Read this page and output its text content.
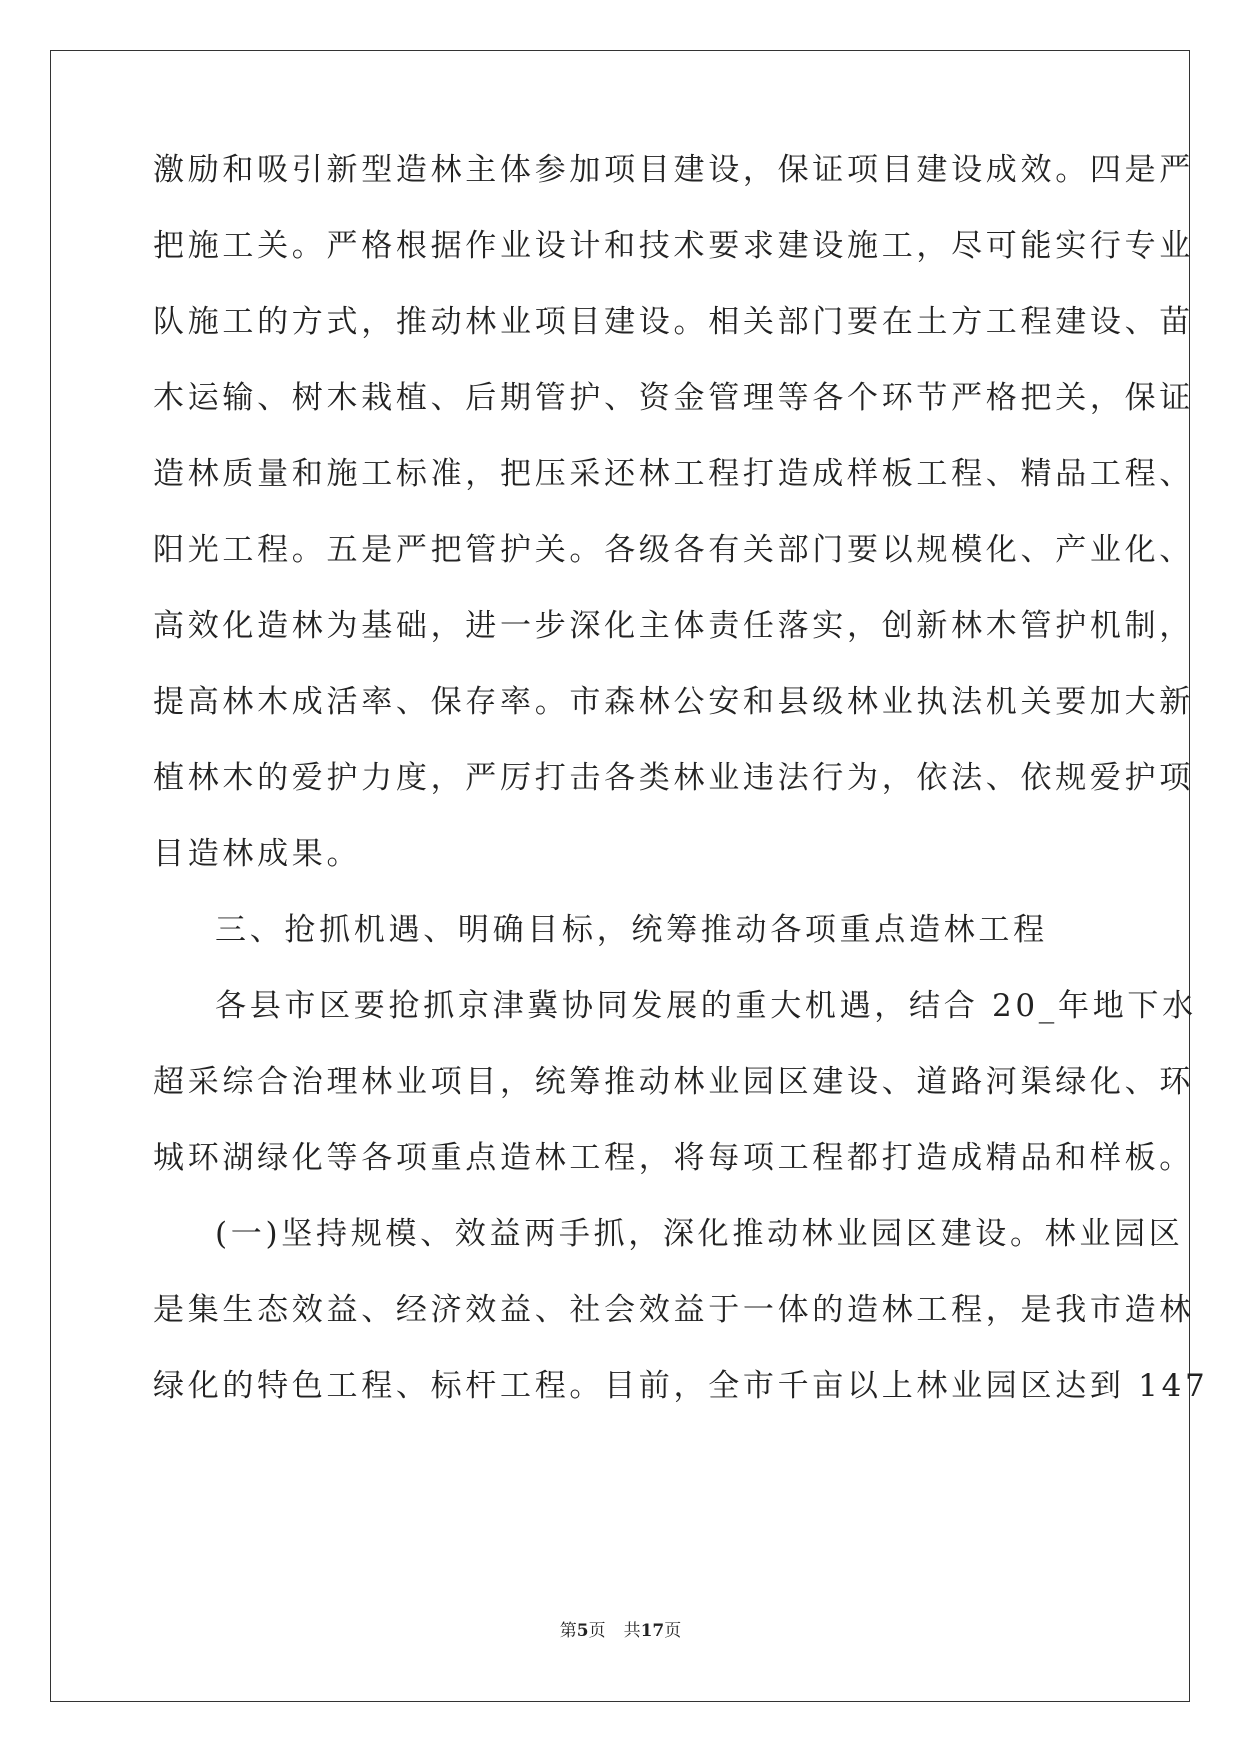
激励和吸引新型造林主体参加项目建设，保证项目建设成效。四是严
把施工关。严格根据作业设计和技术要求建设施工，尽可能实行专业
队施工的方式，推动林业项目建设。相关部门要在土方工程建设、苗
木运输、树木栽植、后期管护、资金管理等各个环节严格把关，保证
造林质量和施工标准，把压采还林工程打造成样板工程、精品工程、
阳光工程。五是严把管护关。各级各有关部门要以规模化、产业化、
高效化造林为基础，进一步深化主体责任落实，创新林木管护机制，
提高林木成活率、保存率。市森林公安和县级林业执法机关要加大新
植林木的爱护力度，严厉打击各类林业违法行为，依法、依规爱护项
目造林成果。
三、抢抓机遇、明确目标，统筹推动各项重点造林工程
各县市区要抢抓京津冀协同发展的重大机遇，结合 20_年地下水
超采综合治理林业项目，统筹推动林业园区建设、道路河渠绿化、环
城环湖绿化等各项重点造林工程，将每项工程都打造成精品和样板。
(一)坚持规模、效益两手抓，深化推动林业园区建设。林业园区
是集生态效益、经济效益、社会效益于一体的造林工程，是我市造林
绿化的特色工程、标杆工程。目前，全市千亩以上林业园区达到 147
第5页 共17页
